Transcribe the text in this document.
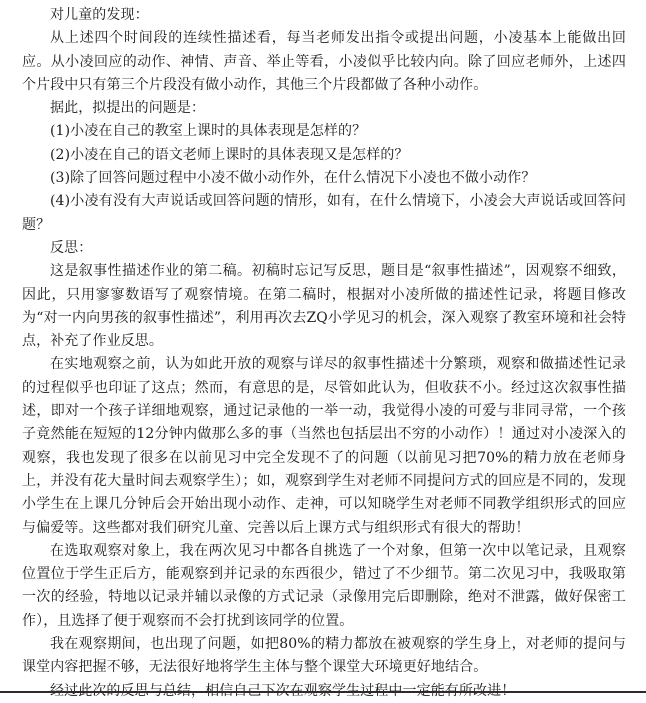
对儿童的发现：

从上述四个时间段的连续性描述看，每当老师发出指令或提出问题，小凌基本上能做出回应。从小凌回应的动作、神情、声音、举止等看，小凌似乎比较内向。除了回应老师外，上述四个片段中只有第三个片段没有做小动作，其他三个片段都做了各种小动作。

据此，拟提出的问题是：

(1)小凌在自己的教室上课时的具体表现是怎样的？

(2)小凌在自己的语文老师上课时的具体表现又是怎样的？

(3)除了回答问题过程中小凌不做小动作外，在什么情况下小凌也不做小动作？

(4)小凌有没有大声说话或回答问题的情形，如有，在什么情境下，小凌会大声说话或回答问题？

反思：

这是叙事性描述作业的第二稿。初稿时忘记写反思，题目是“叙事性描述”，因观察不细致，因此，只用寥寥数语写了观察情境。在第二稿时，根据对小凌所做的描述性记录，将题目修改为“对一内向男孩的叙事性描述”，利用再次去ZQ小学见习的机会，深入观察了教室环境和社会特点，补充了作业反思。

在实地观察之前，认为如此开放的观察与详尽的叙事性描述十分繁琐，观察和做描述性记录的过程似乎也印证了这点；然而，有意思的是，尽管如此认为，但收获不小。经过这次叙事性描述，即对一个孩子详细地观察，通过记录他的一举一动，我觉得小凌的可爱与非同寻常，一个孩子竟然能在短短的12分钟内做那么多的事（当然也包括层出不穷的小动作）！通过对小凌深入的观察，我也发现了很多在以前见习中完全发现不了的问题（以前见习把70%的精力放在老师身上，并没有花大量时间去观察学生）；如，观察到学生对老师不同提问方式的回应是不同的，发现小学生在上课几分钟后会开始出现小动作、走神，可以知晓学生对老师不同教学组织形式的回应与偏爱等。这些都对我们研究儿童、完善以后上课方式与组织形式有很大的帮助！

在选取观察对象上，我在两次见习中都各自挑选了一个对象，但第一次中以笔记录，且观察位置位于学生正后方，能观察到并记录的东西很少，错过了不少细节。第二次见习中，我吸取第一次的经验，特地以记录并辅以录像的方式记录（录像用完后即删除，绝对不泄露，做好保密工作），且选择了便于观察而不会打扰到该同学的位置。

我在观察期间，也出现了问题，如把80%的精力都放在被观察的学生身上，对老师的提问与课堂内容把握不够，无法很好地将学生主体与整个课堂大环境更好地结合。
